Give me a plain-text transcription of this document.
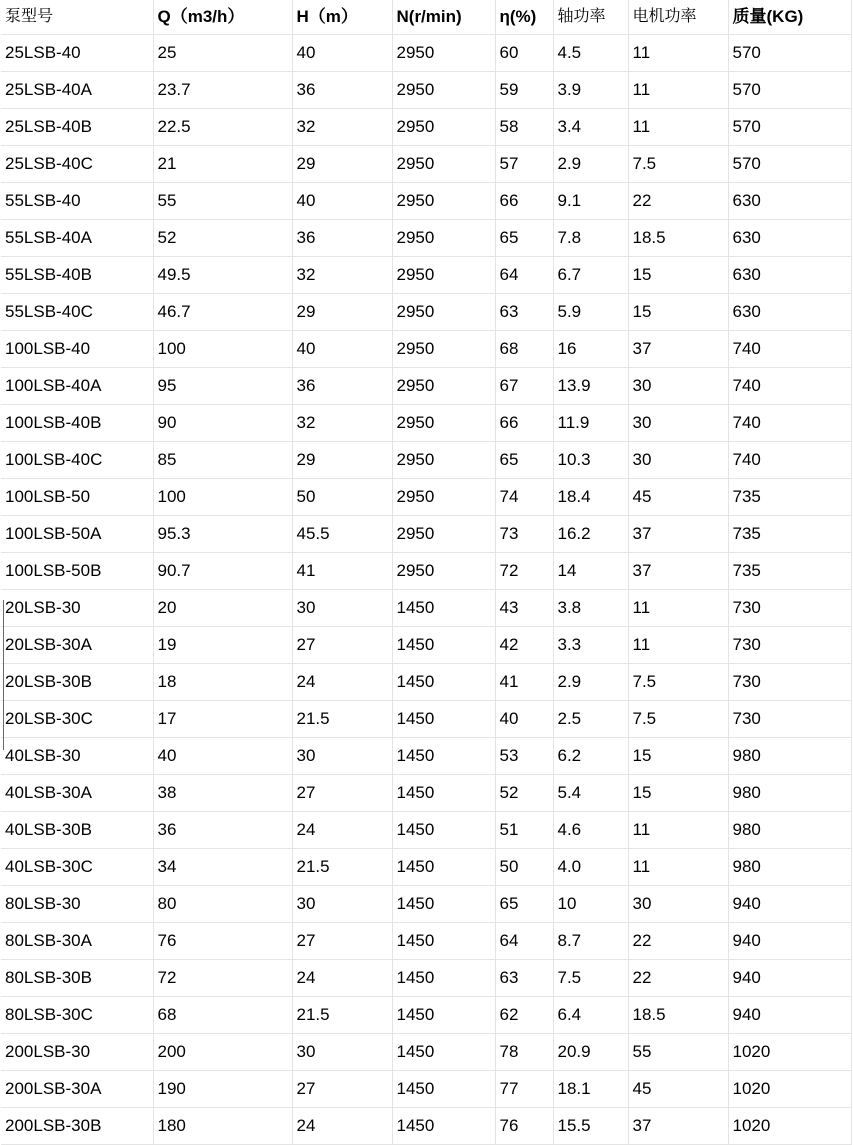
泵型号	Q（m3/h）	H（m）	N(r/min)	η(%)	轴功率	电机功率	质量(KG)
25LSB-40	25	40	2950	60	4.5	11	570
25LSB-40A	23.7	36	2950	59	3.9	11	570
25LSB-40B	22.5	32	2950	58	3.4	11	570
25LSB-40C	21	29	2950	57	2.9	7.5	570
55LSB-40	55	40	2950	66	9.1	22	630
55LSB-40A	52	36	2950	65	7.8	18.5	630
55LSB-40B	49.5	32	2950	64	6.7	15	630
55LSB-40C	46.7	29	2950	63	5.9	15	630
100LSB-40	100	40	2950	68	16	37	740
100LSB-40A	95	36	2950	67	13.9	30	740
100LSB-40B	90	32	2950	66	11.9	30	740
100LSB-40C	85	29	2950	65	10.3	30	740
100LSB-50	100	50	2950	74	18.4	45	735
100LSB-50A	95.3	45.5	2950	73	16.2	37	735
100LSB-50B	90.7	41	2950	72	14	37	735
20LSB-30	20	30	1450	43	3.8	11	730
20LSB-30A	19	27	1450	42	3.3	11	730
20LSB-30B	18	24	1450	41	2.9	7.5	730
20LSB-30C	17	21.5	1450	40	2.5	7.5	730
40LSB-30	40	30	1450	53	6.2	15	980
40LSB-30A	38	27	1450	52	5.4	15	980
40LSB-30B	36	24	1450	51	4.6	11	980
40LSB-30C	34	21.5	1450	50	4.0	11	980
80LSB-30	80	30	1450	65	10	30	940
80LSB-30A	76	27	1450	64	8.7	22	940
80LSB-30B	72	24	1450	63	7.5	22	940
80LSB-30C	68	21.5	1450	62	6.4	18.5	940
200LSB-30	200	30	1450	78	20.9	55	1020
200LSB-30A	190	27	1450	77	18.1	45	1020
200LSB-30B	180	24	1450	76	15.5	37	1020
